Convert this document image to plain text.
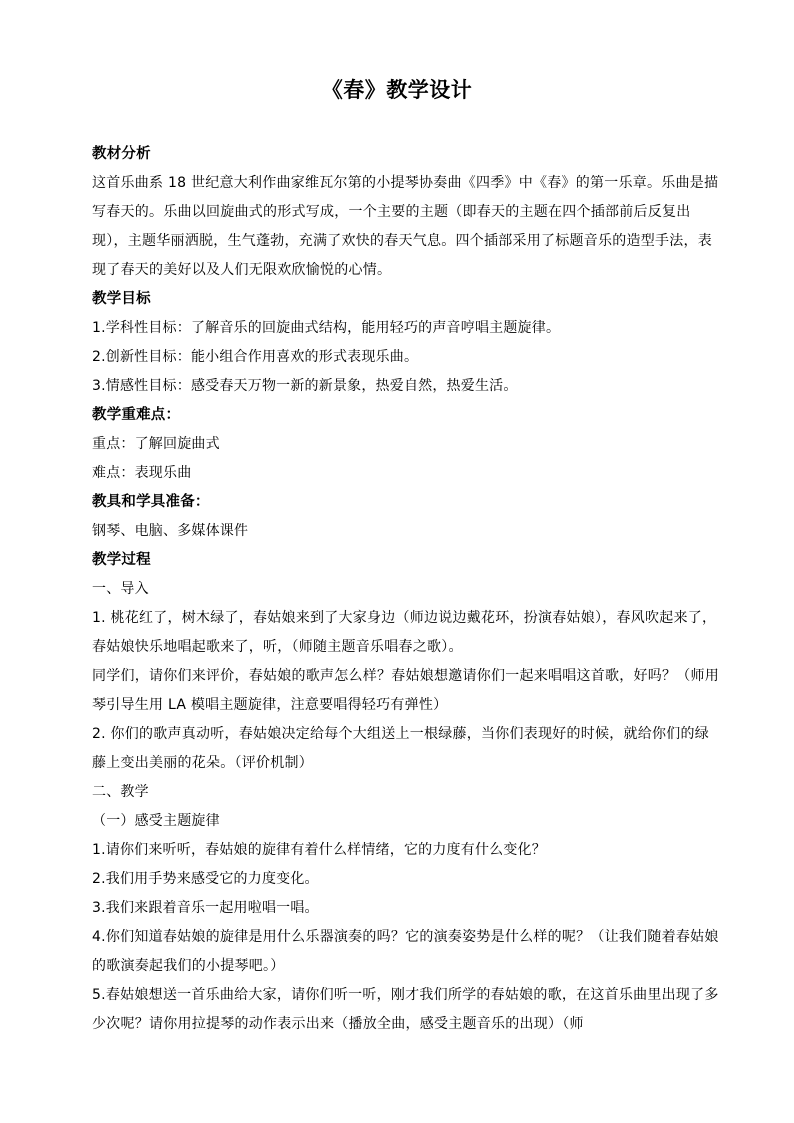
《春》教学设计
教材分析

这首乐曲系 18 世纪意大利作曲家维瓦尔第的小提琴协奏曲《四季》中《春》的第一乐章。乐曲是描写春天的。乐曲以回旋曲式的形式写成，一个主要的主题（即春天的主题在四个插部前后反复出现），主题华丽洒脱，生气蓬勃，充满了欢快的春天气息。四个插部采用了标题音乐的造型手法，表现了春天的美好以及人们无限欢欣愉悦的心情。

教学目标
1.学科性目标：了解音乐的回旋曲式结构，能用轻巧的声音哼唱主题旋律。
2.创新性目标：能小组合作用喜欢的形式表现乐曲。
3.情感性目标：感受春天万物一新的新景象，热爱自然，热爱生活。
教学重难点：
重点：了解回旋曲式
难点：表现乐曲
教具和学具准备：
钢琴、电脑、多媒体课件
教学过程
一、导入

1. 桃花红了，树木绿了，春姑娘来到了大家身边（师边说边戴花环，扮演春姑娘），春风吹起来了，春姑娘快乐地唱起歌来了，听，（师随主题音乐唱春之歌）。

同学们，请你们来评价，春姑娘的歌声怎么样？春姑娘想邀请你们一起来唱唱这首歌，好吗？（师用琴引导生用 LA 模唱主题旋律，注意要唱得轻巧有弹性）

2. 你们的歌声真动听，春姑娘决定给每个大组送上一根绿藤，当你们表现好的时候，就给你们的绿藤上变出美丽的花朵。（评价机制）

二、教学
（一）感受主题旋律
1.请你们来听听，春姑娘的旋律有着什么样情绪，它的力度有什么变化？
2.我们用手势来感受它的力度变化。
3.我们来跟着音乐一起用啦唱一唱。

4.你们知道春姑娘的旋律是用什么乐器演奏的吗？它的演奏姿势是什么样的呢？（让我们随着春姑娘的歌演奏起我们的小提琴吧。）

5.春姑娘想送一首乐曲给大家，请你们听一听，刚才我们所学的春姑娘的歌，在这首乐曲里出现了多少次呢？请你用拉提琴的动作表示出来（播放全曲，感受主题音乐的出现）（师
